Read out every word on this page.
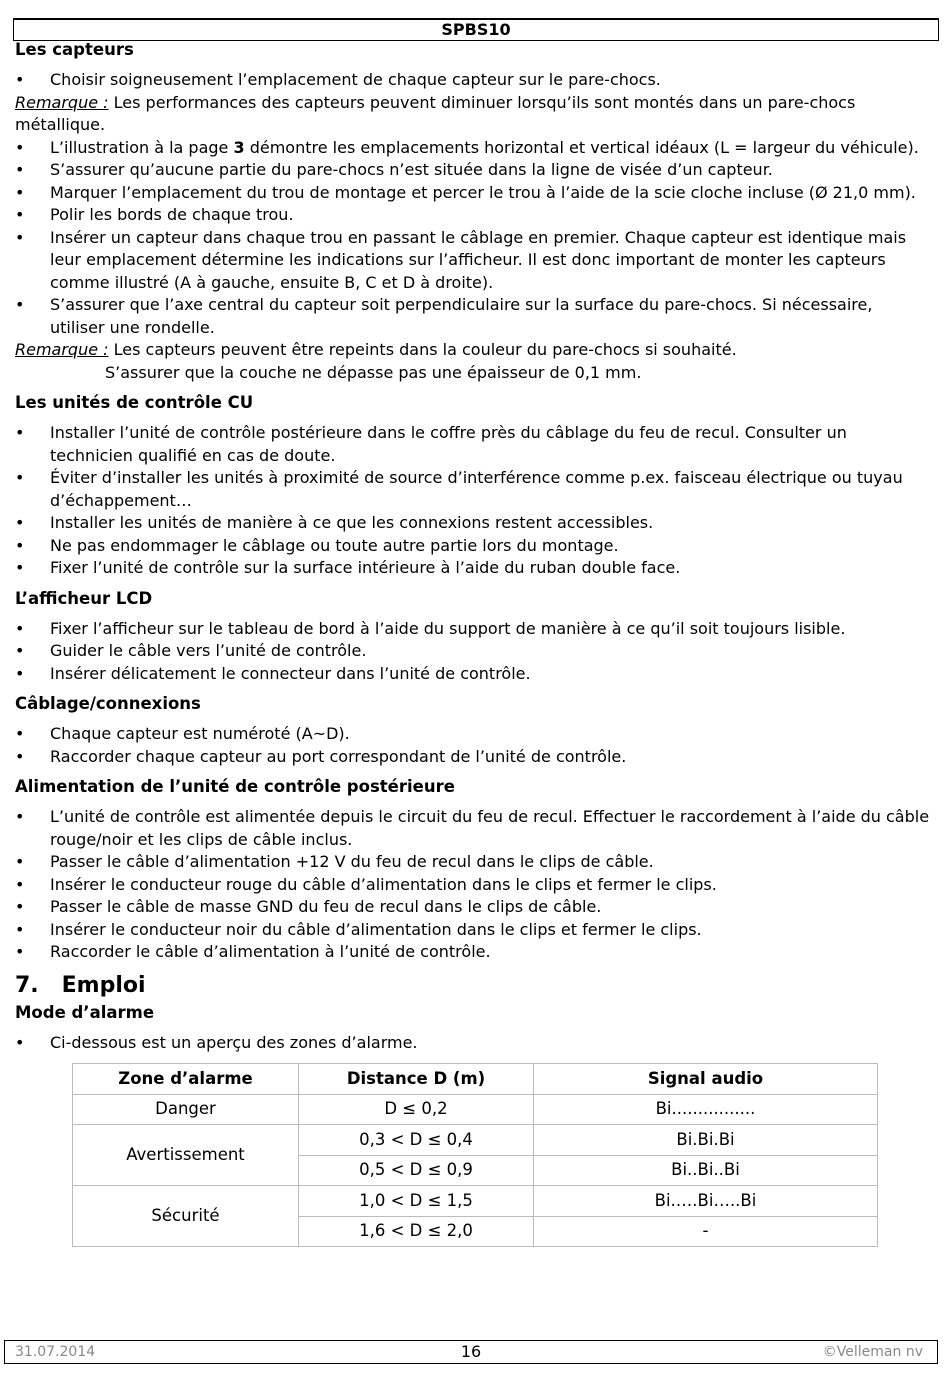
SPBS10
Les capteurs
• Choisir soigneusement l’emplacement de chaque capteur sur le pare-chocs.
Remarque : Les performances des capteurs peuvent diminuer lorsqu’ils sont montés dans un pare-chocs métallique.
• L’illustration à la page 3 démontre les emplacements horizontal et vertical idéaux (L = largeur du véhicule).
• S’assurer qu’aucune partie du pare-chocs n’est située dans la ligne de visée d’un capteur.
• Marquer l’emplacement du trou de montage et percer le trou à l’aide de la scie cloche incluse (Ø 21,0 mm).
• Polir les bords de chaque trou.
• Insérer un capteur dans chaque trou en passant le câblage en premier. Chaque capteur est identique mais leur emplacement détermine les indications sur l’afficheur. Il est donc important de monter les capteurs comme illustré (A à gauche, ensuite B, C et D à droite).
• S’assurer que l’axe central du capteur soit perpendiculaire sur la surface du pare-chocs. Si nécessaire, utiliser une rondelle.
Remarque : Les capteurs peuvent être repeints dans la couleur du pare-chocs si souhaité.
S’assurer que la couche ne dépasse pas une épaisseur de 0,1 mm.
Les unités de contrôle CU
• Installer l’unité de contrôle postérieure dans le coffre près du câblage du feu de recul. Consulter un technicien qualifié en cas de doute.
• Éviter d’installer les unités à proximité de source d’interférence comme p.ex. faisceau électrique ou tuyau d’échappement…
• Installer les unités de manière à ce que les connexions restent accessibles.
• Ne pas endommager le câblage ou toute autre partie lors du montage.
• Fixer l’unité de contrôle sur la surface intérieure à l’aide du ruban double face.
L’afficheur LCD
• Fixer l’afficheur sur le tableau de bord à l’aide du support de manière à ce qu’il soit toujours lisible.
• Guider le câble vers l’unité de contrôle.
• Insérer délicatement le connecteur dans l’unité de contrôle.
Câblage/connexions
• Chaque capteur est numéroté (A~D).
• Raccorder chaque capteur au port correspondant de l’unité de contrôle.
Alimentation de l’unité de contrôle postérieure
• L’unité de contrôle est alimentée depuis le circuit du feu de recul. Effectuer le raccordement à l’aide du câble rouge/noir et les clips de câble inclus.
• Passer le câble d’alimentation +12 V du feu de recul dans le clips de câble.
• Insérer le conducteur rouge du câble d’alimentation dans le clips et fermer le clips.
• Passer le câble de masse GND du feu de recul dans le clips de câble.
• Insérer le conducteur noir du câble d’alimentation dans le clips et fermer le clips.
• Raccorder le câble d’alimentation à l’unité de contrôle.
7.   Emploi
Mode d’alarme
• Ci-dessous est un aperçu des zones d’alarme.
Zone d’alarme	Distance D (m)	Signal audio
Danger	D ≤ 0,2	Bi................
Avertissement	0,3 < D ≤ 0,4	Bi.Bi.Bi
	0,5 < D ≤ 0,9	Bi..Bi..Bi
Sécurité	1,0 < D ≤ 1,5	Bi.….Bi…..Bi
	1,6 < D ≤ 2,0	-
31.07.2014	16	©Velleman nv
